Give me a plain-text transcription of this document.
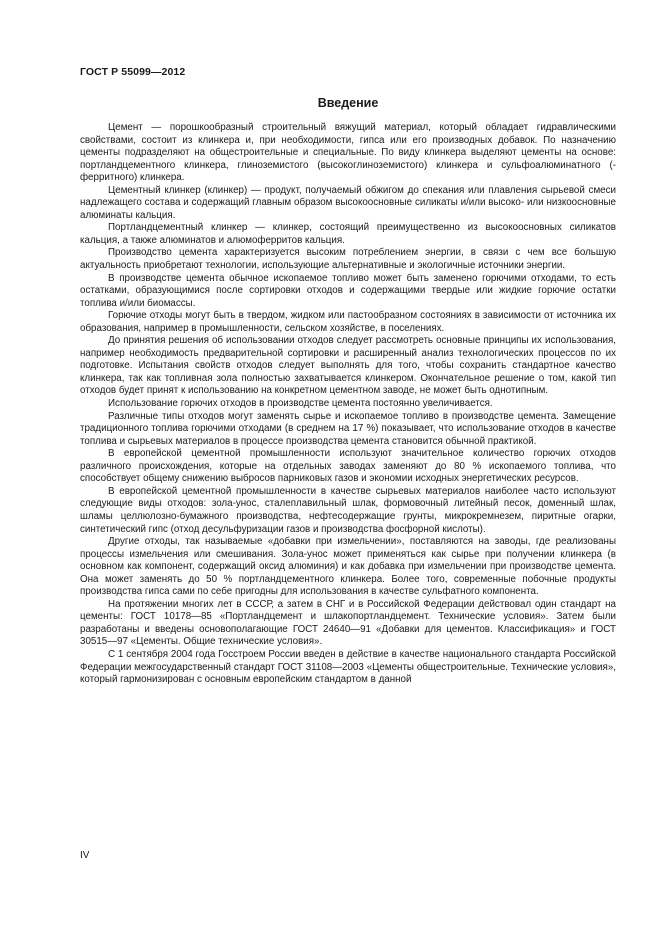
ГОСТ Р 55099—2012
Введение

Цемент — порошкообразный строительный вяжущий материал, который обладает гидравлическими свойствами, состоит из клинкера и, при необходимости, гипса или его производных добавок. По назначению цементы подразделяют на общестроительные и специальные. По виду клинкера выделяют цементы на основе: портландцементного клинкера, глиноземистого (высокоглиноземистого) клинкера и сульфоалюминатного (-ферритного) клинкера.

Цементный клинкер (клинкер) — продукт, получаемый обжигом до спекания или плавления сырьевой смеси надлежащего состава и содержащий главным образом высокоосновные силикаты и/или высоко- или низкоосновные алюминаты кальция.

Портландцементный клинкер — клинкер, состоящий преимущественно из высокоосновных силикатов кальция, а также алюминатов и алюмоферритов кальция.

Производство цемента характеризуется высоким потреблением энергии, в связи с чем все большую актуальность приобретают технологии, использующие альтернативные и экологичные источники энергии.

В производстве цемента обычное ископаемое топливо может быть заменено горючими отходами, то есть остатками, образующимися после сортировки отходов и содержащими твердые или жидкие горючие остатки топлива и/или биомассы.

Горючие отходы могут быть в твердом, жидком или пастообразном состояниях в зависимости от источника их образования, например в промышленности, сельском хозяйстве, в поселениях.

До принятия решения об использовании отходов следует рассмотреть основные принципы их использования, например необходимость предварительной сортировки и расширенный анализ технологических процессов по их подготовке. Испытания свойств отходов следует выполнять для того, чтобы сохранить стандартное качество клинкера, так как топливная зола полностью захватывается клинкером. Окончательное решение о том, какой тип отходов будет принят к использованию на конкретном цементном заводе, не может быть однотипным.

Использование горючих отходов в производстве цемента постоянно увеличивается.

Различные типы отходов могут заменять сырье и ископаемое топливо в производстве цемента. Замещение традиционного топлива горючими отходами (в среднем на 17 %) показывает, что использование отходов в качестве топлива и сырьевых материалов в процессе производства цемента становится обычной практикой.

В европейской цементной промышленности используют значительное количество горючих отходов различного происхождения, которые на отдельных заводах заменяют до 80 % ископаемого топлива, что способствует общему снижению выбросов парниковых газов и экономии исходных энергетических ресурсов.

В европейской цементной промышленности в качестве сырьевых материалов наиболее часто используют следующие виды отходов: зола-унос, сталеплавильный шлак, формовочный литейный песок, доменный шлак, шламы целлюлозно-бумажного производства, нефтесодержащие грунты, микрокремнезем, пиритные огарки, синтетический гипс (отход десульфуризации газов и производства фосфорной кислоты).

Другие отходы, так называемые «добавки при измельчении», поставляются на заводы, где реализованы процессы измельчения или смешивания. Зола-унос может применяться как сырье при получении клинкера (в основном как компонент, содержащий оксид алюминия) и как добавка при измельчении при производстве цемента. Она может заменять до 50 % портландцементного клинкера. Более того, современные побочные продукты производства гипса сами по себе пригодны для использования в качестве сульфатного компонента.

На протяжении многих лет в СССР, а затем в СНГ и в Российской Федерации действовал один стандарт на цементы: ГОСТ 10178—85 «Портландцемент и шлакопортландцемент. Технические условия». Затем были разработаны и введены основополагающие ГОСТ 24640—91 «Добавки для цементов. Классификация» и ГОСТ 30515—97 «Цементы. Общие технические условия».

С 1 сентября 2004 года Госстроем России введен в действие в качестве национального стандарта Российской Федерации межгосударственный стандарт ГОСТ 31108—2003 «Цементы общестроительные. Технические условия», который гармонизирован с основным европейским стандартом в данной

IV
